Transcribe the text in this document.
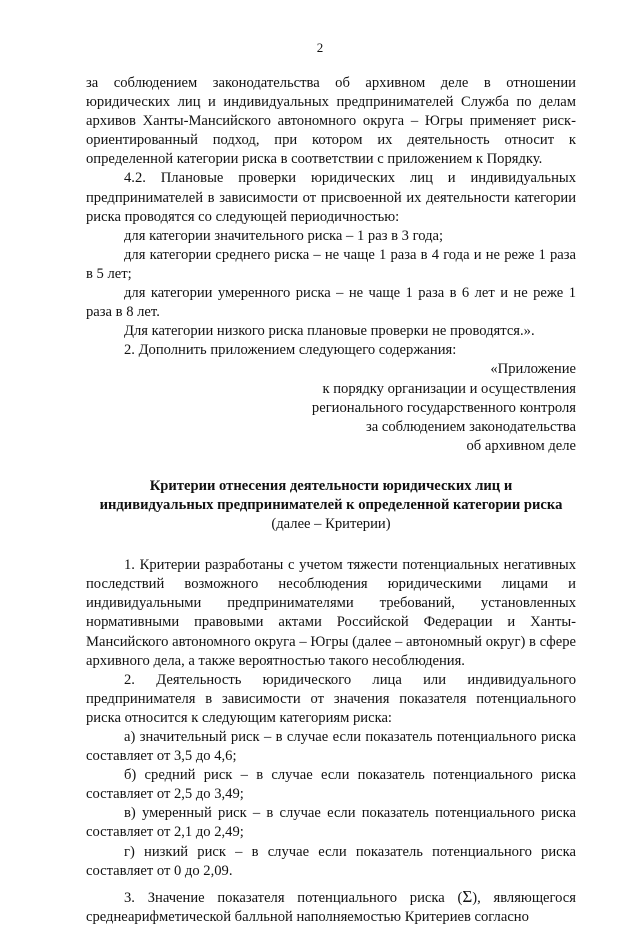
2

за соблюдением законодательства об архивном деле в отношении юридических лиц и индивидуальных предпринимателей Служба по делам архивов Ханты-Мансийского автономного округа – Югры применяет риск-ориентированный подход, при котором их деятельность относит к определенной категории риска в соответствии с приложением к Порядку.

4.2. Плановые проверки юридических лиц и индивидуальных предпринимателей в зависимости от присвоенной их деятельности категории риска проводятся со следующей периодичностью:

для категории значительного риска – 1 раз в 3 года;

для категории среднего риска – не чаще 1 раза в 4 года и не реже 1 раза в 5 лет;

для категории умеренного риска – не чаще 1 раза в 6 лет и не реже 1 раза в 8 лет.

Для категории низкого риска плановые проверки не проводятся.».

2. Дополнить приложением следующего содержания:

«Приложение
к порядку организации и осуществления
регионального государственного контроля
за соблюдением законодательства
об архивном деле
Критерии отнесения деятельности юридических лиц и
индивидуальных предпринимателей к определенной категории риска
(далее – Критерии)

1. Критерии разработаны с учетом тяжести потенциальных негативных последствий возможного несоблюдения юридическими лицами и индивидуальными предпринимателями требований, установленных нормативными правовыми актами Российской Федерации и Ханты-Мансийского автономного округа – Югры (далее – автономный округ) в сфере архивного дела, а также вероятностью такого несоблюдения.

2. Деятельность юридического лица или индивидуального предпринимателя в зависимости от значения показателя потенциального риска относится к следующим категориям риска:

а) значительный риск – в случае если показатель потенциального риска составляет от 3,5 до 4,6;

б) средний риск – в случае если показатель потенциального риска составляет от 2,5 до 3,49;

в) умеренный риск – в случае если показатель потенциального риска составляет от 2,1 до 2,49;

г) низкий риск – в случае если показатель потенциального риска составляет от 0 до 2,09.

3. Значение показателя потенциального риска (Σ), являющегося среднеарифметической балльной наполняемостью Критериев согласно
